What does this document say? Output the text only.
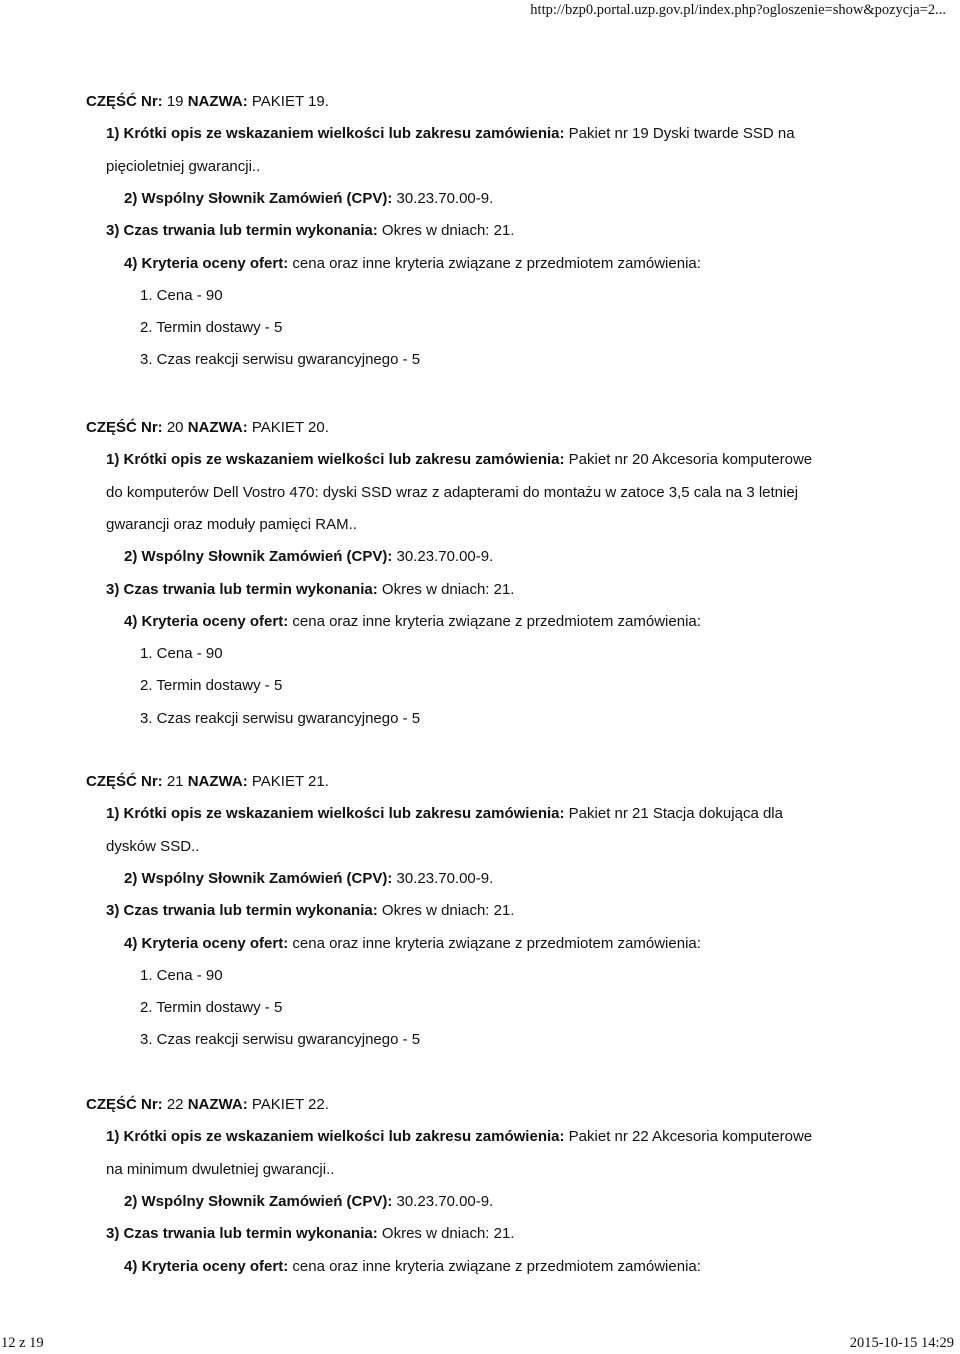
http://bzp0.portal.uzp.gov.pl/index.php?ogloszenie=show&pozycja=2...
CZĘŚĆ Nr: 19 NAZWA: PAKIET 19.
1) Krótki opis ze wskazaniem wielkości lub zakresu zamówienia: Pakiet nr 19 Dyski twarde SSD na
pięcioletniej gwarancji..
2) Wspólny Słownik Zamówień (CPV): 30.23.70.00-9.
3) Czas trwania lub termin wykonania: Okres w dniach: 21.
4) Kryteria oceny ofert: cena oraz inne kryteria związane z przedmiotem zamówienia:
1. Cena - 90
2. Termin dostawy - 5
3. Czas reakcji serwisu gwarancyjnego - 5
CZĘŚĆ Nr: 20 NAZWA: PAKIET 20.
1) Krótki opis ze wskazaniem wielkości lub zakresu zamówienia: Pakiet nr 20 Akcesoria komputerowe
do komputerów Dell Vostro 470: dyski SSD wraz z adapterami do montażu w zatoce 3,5 cala na 3 letniej
gwarancji oraz moduły pamięci RAM..
2) Wspólny Słownik Zamówień (CPV): 30.23.70.00-9.
3) Czas trwania lub termin wykonania: Okres w dniach: 21.
4) Kryteria oceny ofert: cena oraz inne kryteria związane z przedmiotem zamówienia:
1. Cena - 90
2. Termin dostawy - 5
3. Czas reakcji serwisu gwarancyjnego - 5
CZĘŚĆ Nr: 21 NAZWA: PAKIET 21.
1) Krótki opis ze wskazaniem wielkości lub zakresu zamówienia: Pakiet nr 21 Stacja dokująca dla
dysków SSD..
2) Wspólny Słownik Zamówień (CPV): 30.23.70.00-9.
3) Czas trwania lub termin wykonania: Okres w dniach: 21.
4) Kryteria oceny ofert: cena oraz inne kryteria związane z przedmiotem zamówienia:
1. Cena - 90
2. Termin dostawy - 5
3. Czas reakcji serwisu gwarancyjnego - 5
CZĘŚĆ Nr: 22 NAZWA: PAKIET 22.
1) Krótki opis ze wskazaniem wielkości lub zakresu zamówienia: Pakiet nr 22 Akcesoria komputerowe
na minimum dwuletniej gwarancji..
2) Wspólny Słownik Zamówień (CPV): 30.23.70.00-9.
3) Czas trwania lub termin wykonania: Okres w dniach: 21.
4) Kryteria oceny ofert: cena oraz inne kryteria związane z przedmiotem zamówienia:
12 z 19	2015-10-15 14:29
